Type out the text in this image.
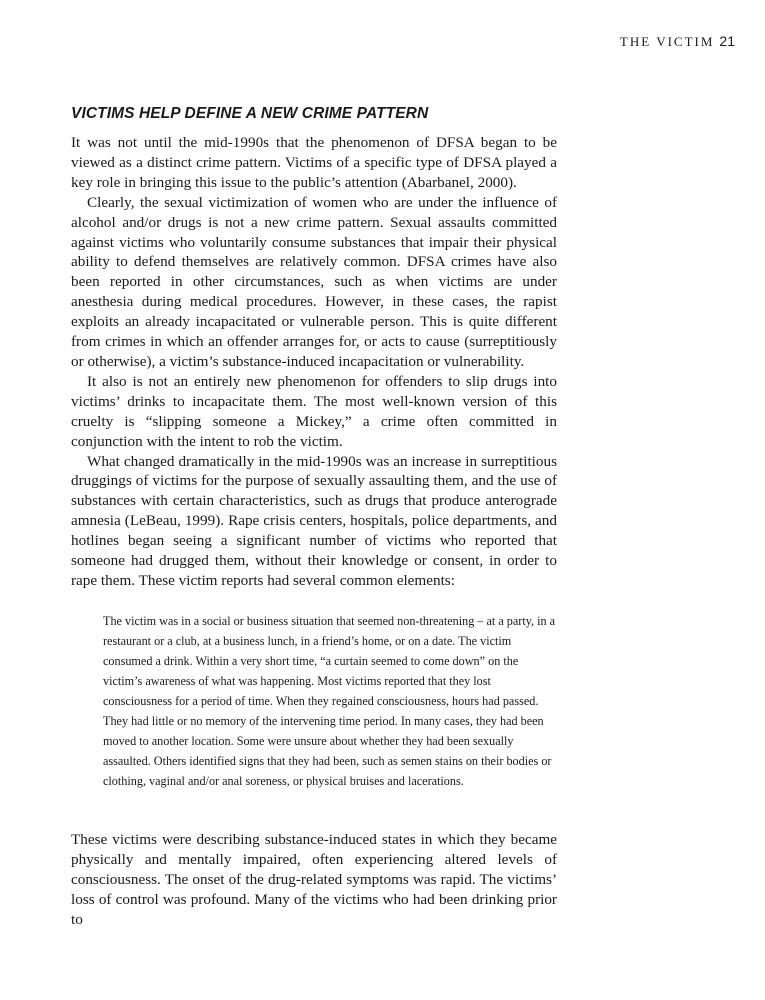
THE VICTIM 21
VICTIMS HELP DEFINE A NEW CRIME PATTERN

It was not until the mid-1990s that the phenomenon of DFSA began to be viewed as a distinct crime pattern. Victims of a specific type of DFSA played a key role in bringing this issue to the public’s attention (Abarbanel, 2000).

Clearly, the sexual victimization of women who are under the influence of alcohol and/or drugs is not a new crime pattern. Sexual assaults committed against victims who voluntarily consume substances that impair their physical ability to defend themselves are relatively common. DFSA crimes have also been reported in other circumstances, such as when victims are under anesthesia during medical procedures. However, in these cases, the rapist exploits an already incapacitated or vulnerable person. This is quite different from crimes in which an offender arranges for, or acts to cause (surreptitiously or otherwise), a victim’s substance-induced incapacitation or vulnerability.

It also is not an entirely new phenomenon for offenders to slip drugs into victims’ drinks to incapacitate them. The most well-known version of this cruelty is “slipping someone a Mickey,” a crime often committed in conjunction with the intent to rob the victim.

What changed dramatically in the mid-1990s was an increase in surreptitious druggings of victims for the purpose of sexually assaulting them, and the use of substances with certain characteristics, such as drugs that produce anterograde amnesia (LeBeau, 1999). Rape crisis centers, hospitals, police departments, and hotlines began seeing a significant number of victims who reported that someone had drugged them, without their knowledge or consent, in order to rape them. These victim reports had several common elements:

The victim was in a social or business situation that seemed non-threatening – at a party, in a restaurant or a club, at a business lunch, in a friend’s home, or on a date. The victim consumed a drink. Within a very short time, “a curtain seemed to come down” on the victim’s awareness of what was happening. Most victims reported that they lost consciousness for a period of time. When they regained consciousness, hours had passed. They had little or no memory of the intervening time period. In many cases, they had been moved to another location. Some were unsure about whether they had been sexually assaulted. Others identified signs that they had been, such as semen stains on their bodies or clothing, vaginal and/or anal soreness, or physical bruises and lacerations.

These victims were describing substance-induced states in which they became physically and mentally impaired, often experiencing altered levels of consciousness. The onset of the drug-related symptoms was rapid. The victims’ loss of control was profound. Many of the victims who had been drinking prior to
